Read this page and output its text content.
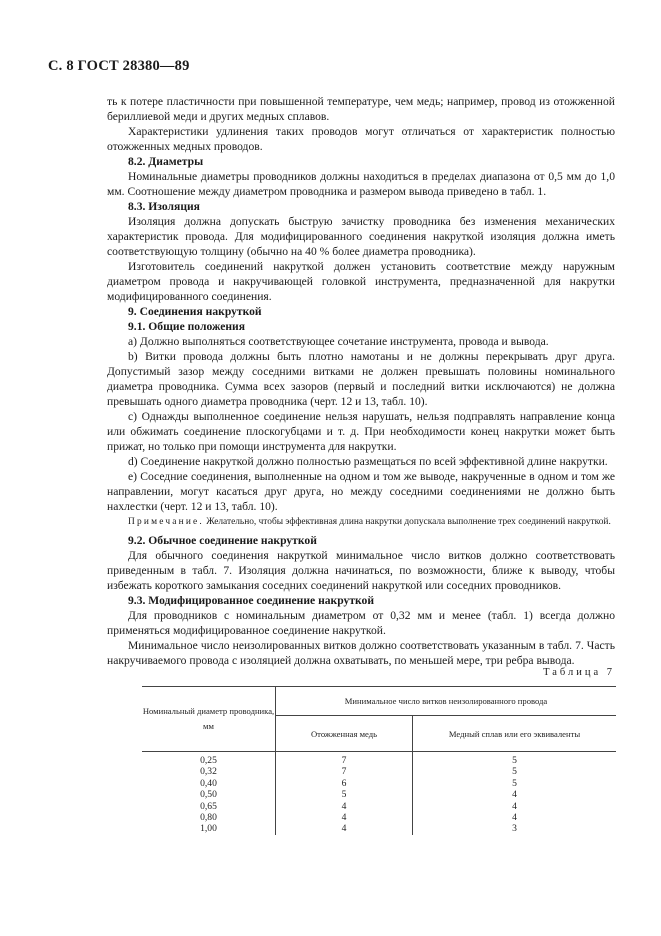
С. 8 ГОСТ 28380—89

ть к потере пластичности при повышенной температуре, чем медь; например, провод из отожженной бериллиевой меди и других медных сплавов.

Характеристики удлинения таких проводов могут отличаться от характеристик полностью отожженных медных проводов.

8.2. Диаметры

Номинальные диаметры проводников должны находиться в пределах диапазона от 0,5 мм до 1,0 мм. Соотношение между диаметром проводника и размером вывода приведено в табл. 1.

8.3. Изоляция

Изоляция должна допускать быструю зачистку проводника без изменения механических характеристик провода. Для модифицированного соединения накруткой изоляция должна иметь соответствующую толщину (обычно на 40 % более диаметра проводника).

Изготовитель соединений накруткой должен установить соответствие между наружным диаметром провода и накручивающей головкой инструмента, предназначенной для накрутки модифицированного соединения.

9. Соединения накруткой

9.1. Общие положения

а) Должно выполняться соответствующее сочетание инструмента, провода и вывода.

b) Витки провода должны быть плотно намотаны и не должны перекрывать друг друга. Допустимый зазор между соседними витками не должен превышать половины номинального диаметра проводника. Сумма всех зазоров (первый и последний витки исключаются) не должна превышать одного диаметра проводника (черт. 12 и 13, табл. 10).

с) Однажды выполненное соединение нельзя нарушать, нельзя подправлять направление конца или обжимать соединение плоскогубцами и т. д. При необходимости конец накрутки может быть прижат, но только при помощи инструмента для накрутки.

d) Соединение накруткой должно полностью размещаться по всей эффективной длине накрутки.

е) Соседние соединения, выполненные на одном и том же выводе, накрученные в одном и том же направлении, могут касаться друг друга, но между соседними соединениями не должно быть нахлестки (черт. 12 и 13, табл. 10).

Примечание. Желательно, чтобы эффективная длина накрутки допускала выполнение трех соединений накруткой.

9.2. Обычное соединение накруткой

Для обычного соединения накруткой минимальное число витков должно соответствовать приведенным в табл. 7. Изоляция должна начинаться, по возможности, ближе к выводу, чтобы избежать короткого замыкания соседних соединений накруткой или соседних проводников.

9.3. Модифицированное соединение накруткой

Для проводников с номинальным диаметром от 0,32 мм и менее (табл. 1) всегда должно применяться модифицированное соединение накруткой.

Минимальное число неизолированных витков должно соответствовать указанным в табл. 7. Часть накручиваемого провода с изоляцией должна охватывать, по меньшей мере, три ребра вывода.

Таблица 7
Номинальный диаметр проводника, мм	Минимальное число витков неизолированного провода	
	Отожженная медь	Медный сплав или его эквиваленты
0,25	7	5
0,32	7	5
0,40	6	5
0,50	5	4
0,65	4	4
0,80	4	4
1,00	4	3
